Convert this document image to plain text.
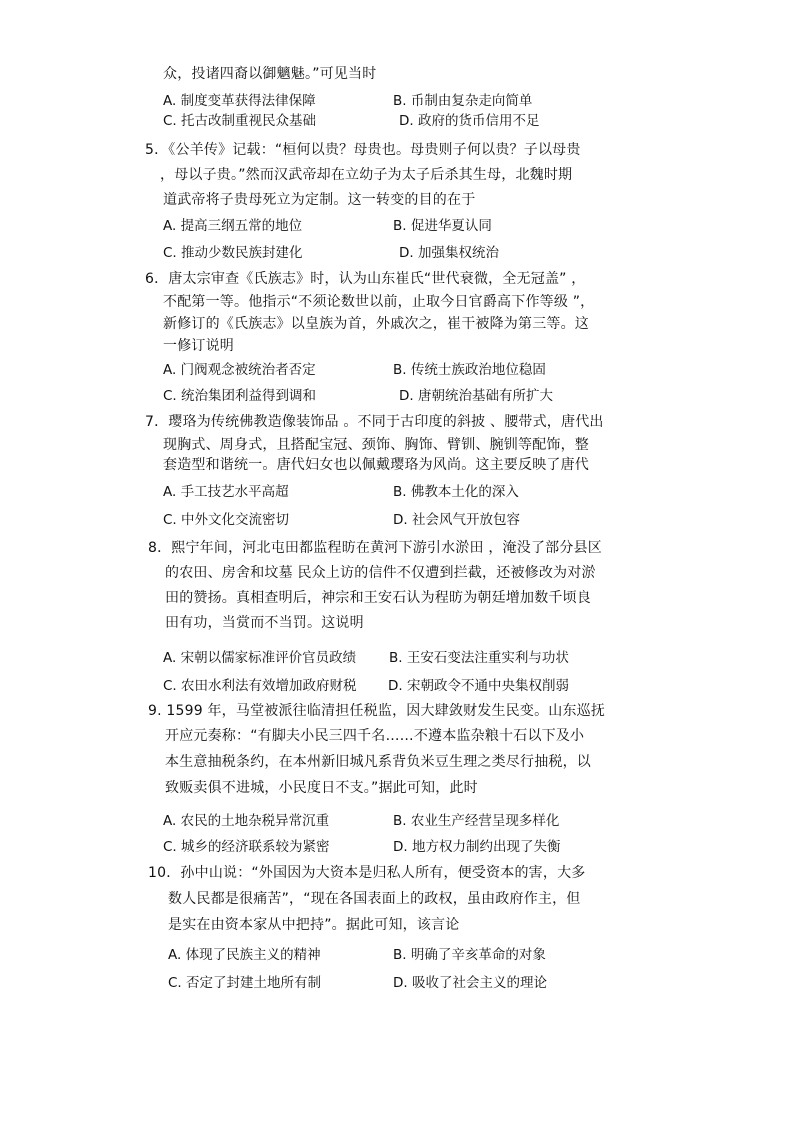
众，投诸四裔以御魑魅。”可见当时
A. 制度变革获得法律保障	B. 币制由复杂走向简单
C. 托古改制重视民众基础	D. 政府的货币信用不足
5．《公羊传》记载：“桓何以贵？母贵也。母贵则子何以贵？子以母贵
，母以子贵。”然而汉武帝却在立幼子为太子后杀其生母，北魏时期
道武帝将子贵母死立为定制。这一转变的目的在于
A. 提高三纲五常的地位	B. 促进华夏认同
C. 推动少数民族封建化	D. 加强集权统治
6．唐太宗审查《氏族志》时，认为山东崔氏“世代衰微，全无冠盖” ，
不配第一等。他指示“不须论数世以前，止取今日官爵高下作等级 ”，
新修订的《氏族志》以皇族为首，外戚次之，崔干被降为第三等。这
一修订说明
A. 门阀观念被统治者否定	B. 传统士族政治地位稳固
C. 统治集团利益得到调和	D. 唐朝统治基础有所扩大
7．璎珞为传统佛教造像装饰品 。不同于古印度的斜披 、腰带式，唐代出
现胸式、周身式，且搭配宝冠、颈饰、胸饰、臂钏、腕钏等配饰，整
套造型和谐统一。唐代妇女也以佩戴璎珞为风尚。这主要反映了唐代
A. 手工技艺水平高超	B. 佛教本土化的深入
C. 中外文化交流密切	D. 社会风气开放包容
8．熙宁年间，河北屯田都监程昉在黄河下游引水淤田 ，淹没了部分县区
的农田、房舍和坟墓 民众上访的信件不仅遭到拦截，还被修改为对淤
田的赞扬。真相查明后，神宗和王安石认为程昉为朝廷增加数千顷良
田有功，当赏而不当罚。这说明
A. 宋朝以儒家标准评价官员政绩 B. 王安石变法注重实利与功状
C. 农田水利法有效增加政府财税 D. 宋朝政令不通中央集权削弱
9. 1599 年，马堂被派往临清担任税监，因大肆敛财发生民变。山东巡抚
开应元奏称：“有脚夫小民三四千名……不遵本监杂粮十石以下及小
本生意抽税条约，在本州新旧城凡系背负米豆生理之类尽行抽税，以
致贩卖俱不进城，小民度日不支。”据此可知，此时
A. 农民的土地杂税异常沉重	B. 农业生产经营呈现多样化
C. 城乡的经济联系较为紧密	D. 地方权力制约出现了失衡
10．孙中山说：“外国因为大资本是归私人所有，便受资本的害，大多
数人民都是很痛苦”，“现在各国表面上的政权，虽由政府作主，但
是实在由资本家从中把持”。据此可知，该言论
A. 体现了民族主义的精神	B. 明确了辛亥革命的对象
C. 否定了封建土地所有制	D. 吸收了社会主义的理论
